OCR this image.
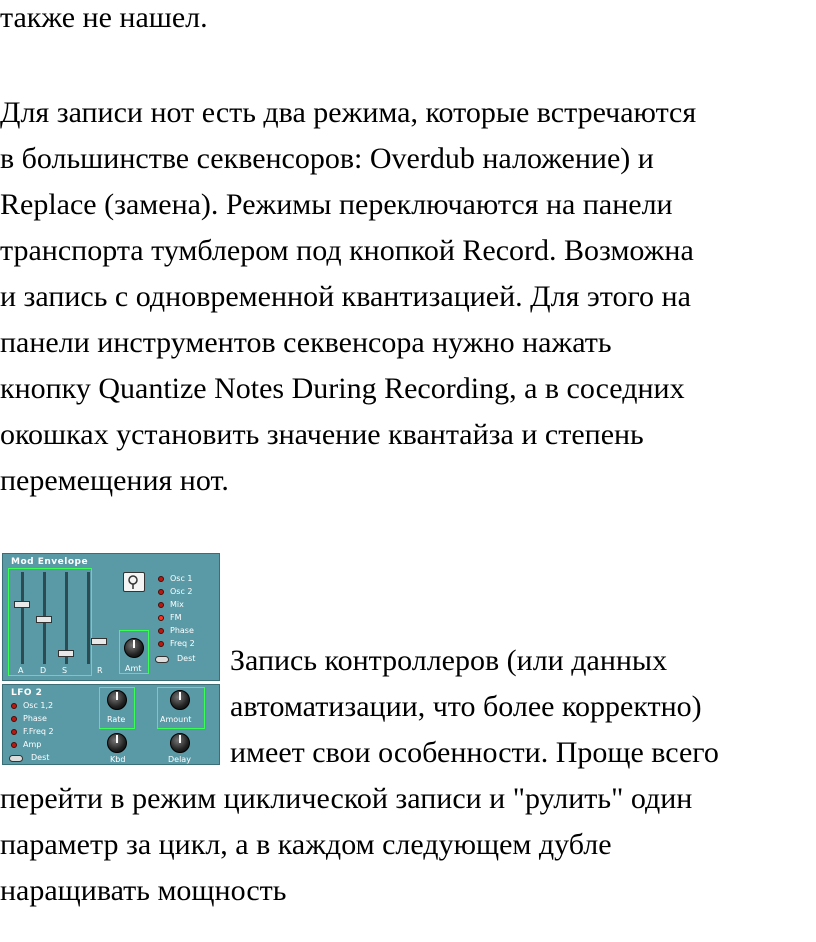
также не нашел.
Для записи нот есть два режима, которые встречаются
в большинстве секвенсоров: Overdub наложение) и
Replace (замена). Режимы переключаются на панели
транспорта тумблером под кнопкой Record. Возможна
и запись с одновременной квантизацией. Для этого на
панели инструментов секвенсора нужно нажать
кнопку Quantize Notes During Recording, а в соседних
окошках установить значение квантайза и степень
перемещения нот.
Mod Envelope
A D S	R	Amt
Osc 1
Osc 2
Mix
FM
Phase
Freq 2
Dest
LFO 2
Osc 1,2
Phase
F.Freq 2
Amp
Dest
Rate	Amount
Kbd	Delay
Запись контроллеров (или данных
автоматизации, что более корректно)
имеет свои особенности. Проще всего
перейти в режим циклической записи и "рулить" один
параметр за цикл, а в каждом следующем дубле
наращивать мощность
